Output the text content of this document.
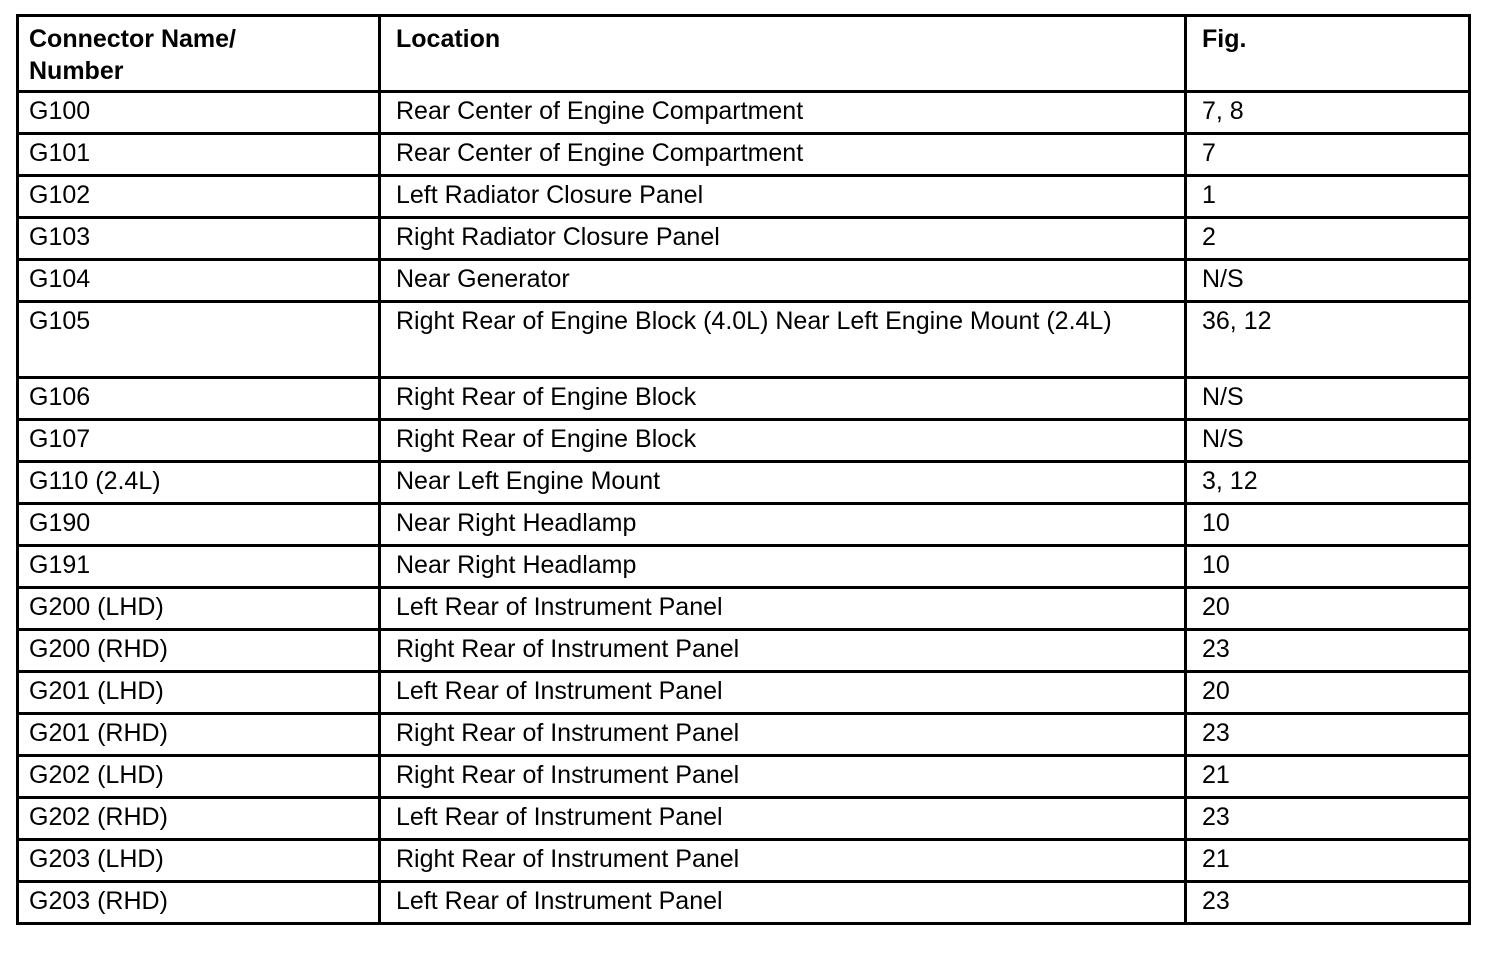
Connector Name/
Number	Location	Fig.
G100	Rear Center of Engine Compartment	7, 8
G101	Rear Center of Engine Compartment	7
G102	Left Radiator Closure Panel	1
G103	Right Radiator Closure Panel	2
G104	Near Generator	N/S
G105	Right Rear of Engine Block (4.0L) Near Left Engine Mount (2.4L)	36, 12
G106	Right Rear of Engine Block	N/S
G107	Right Rear of Engine Block	N/S
G110 (2.4L)	Near Left Engine Mount	3, 12
G190	Near Right Headlamp	10
G191	Near Right Headlamp	10
G200 (LHD)	Left Rear of Instrument Panel	20
G200 (RHD)	Right Rear of Instrument Panel	23
G201 (LHD)	Left Rear of Instrument Panel	20
G201 (RHD)	Right Rear of Instrument Panel	23
G202 (LHD)	Right Rear of Instrument Panel	21
G202 (RHD)	Left Rear of Instrument Panel	23
G203 (LHD)	Right Rear of Instrument Panel	21
G203 (RHD)	Left Rear of Instrument Panel	23
